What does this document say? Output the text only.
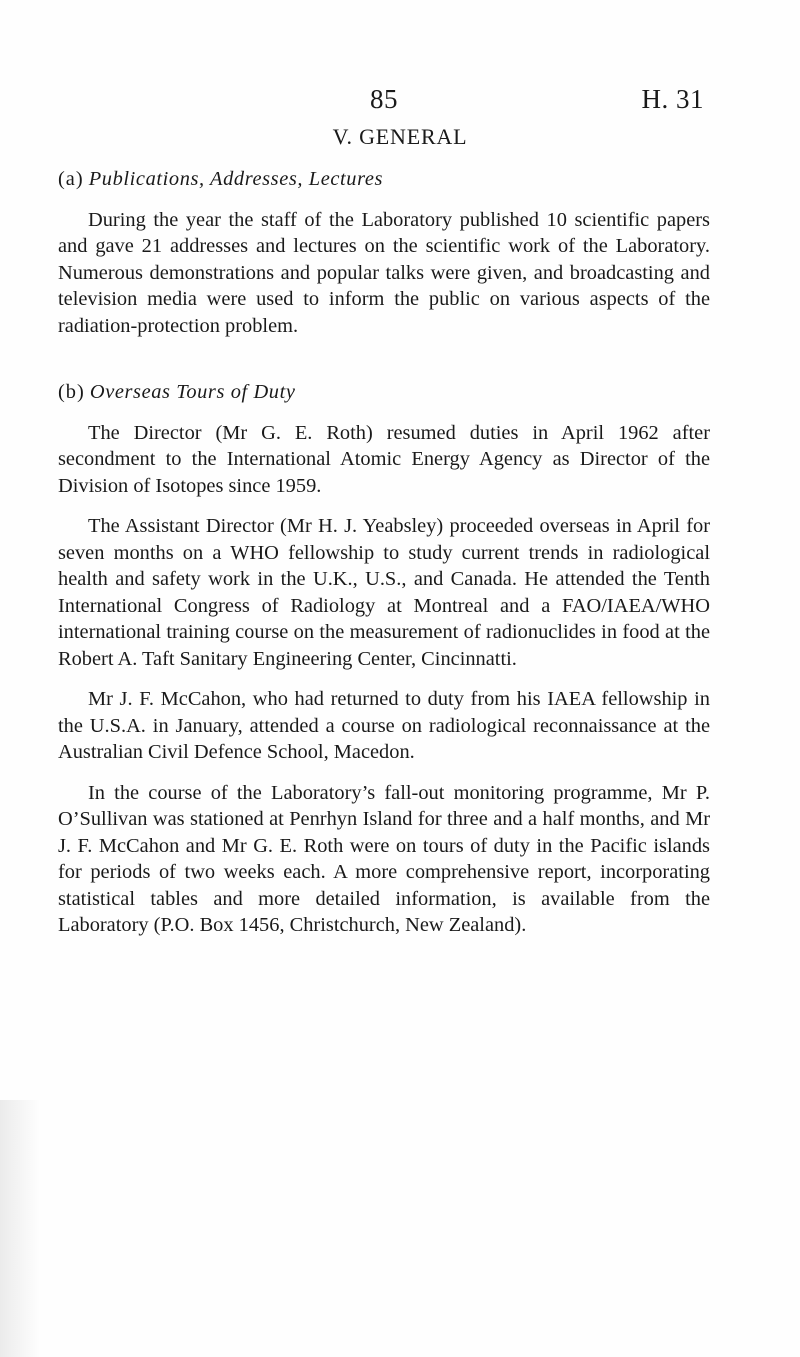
85	H. 31
V. GENERAL
(a) Publications, Addresses, Lectures

During the year the staff of the Laboratory published 10 scientific papers and gave 21 addresses and lectures on the scientific work of the Laboratory. Numerous demonstrations and popular talks were given, and broadcasting and television media were used to inform the public on various aspects of the radiation-protection problem.

(b) Overseas Tours of Duty

The Director (Mr G. E. Roth) resumed duties in April 1962 after secondment to the International Atomic Energy Agency as Director of the Division of Isotopes since 1959.

The Assistant Director (Mr H. J. Yeabsley) proceeded overseas in April for seven months on a WHO fellowship to study current trends in radiological health and safety work in the U.K., U.S., and Canada. He attended the Tenth International Congress of Radiology at Montreal and a FAO/IAEA/WHO international training course on the measurement of radionuclides in food at the Robert A. Taft Sanitary Engineering Center, Cincinnatti.

Mr J. F. McCahon, who had returned to duty from his IAEA fellowship in the U.S.A. in January, attended a course on radiological reconnaissance at the Australian Civil Defence School, Macedon.

In the course of the Laboratory’s fall-out monitoring programme, Mr P. O’Sullivan was stationed at Penrhyn Island for three and a half months, and Mr J. F. McCahon and Mr G. E. Roth were on tours of duty in the Pacific islands for periods of two weeks each. A more comprehensive report, incorporating statistical tables and more detailed information, is available from the Laboratory (P.O. Box 1456, Christchurch, New Zealand).
